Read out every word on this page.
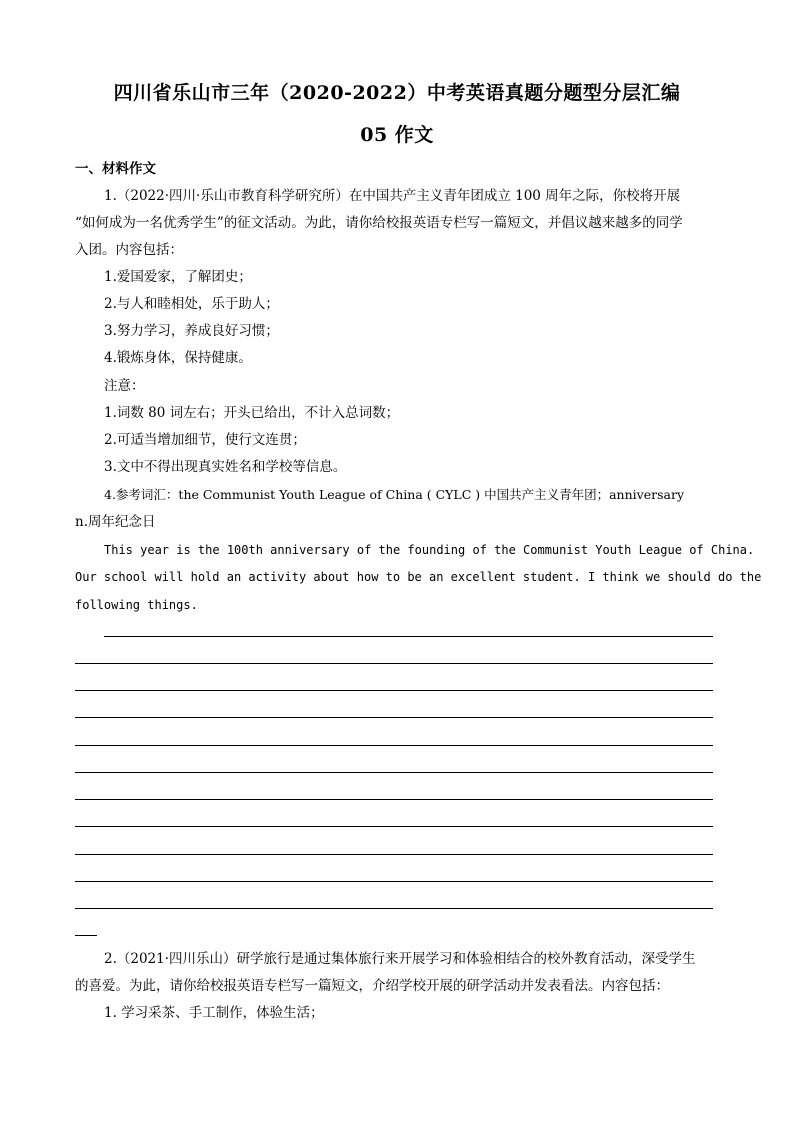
四川省乐山市三年（2020-2022）中考英语真题分题型分层汇编
05 作文
一、材料作文
1.（2022·四川·乐山市教育科学研究所）在中国共产主义青年团成立 100 周年之际，你校将开展
“如何成为一名优秀学生”的征文活动。为此，请你给校报英语专栏写一篇短文，并倡议越来越多的同学
入团。内容包括：
1.爱国爱家，了解团史；
2.与人和睦相处，乐于助人；
3.努力学习，养成良好习惯；
4.锻炼身体，保持健康。
注意：
1.词数 80 词左右；开头已给出，不计入总词数；
2.可适当增加细节，使行文连贯；
3.文中不得出现真实姓名和学校等信息。
4.参考词汇：the Communist Youth League of China ( CYLC ) 中国共产主义青年团；anniversary
n.周年纪念日
This year is the 100th anniversary of the founding of the Communist Youth League of China.
Our school will hold an activity about how to be an excellent student. I think we should do the
following things.
2.（2021·四川乐山）研学旅行是通过集体旅行来开展学习和体验相结合的校外教育活动，深受学生
的喜爱。为此，请你给校报英语专栏写一篇短文，介绍学校开展的研学活动并发表看法。内容包括：
1. 学习采茶、手工制作，体验生活；
